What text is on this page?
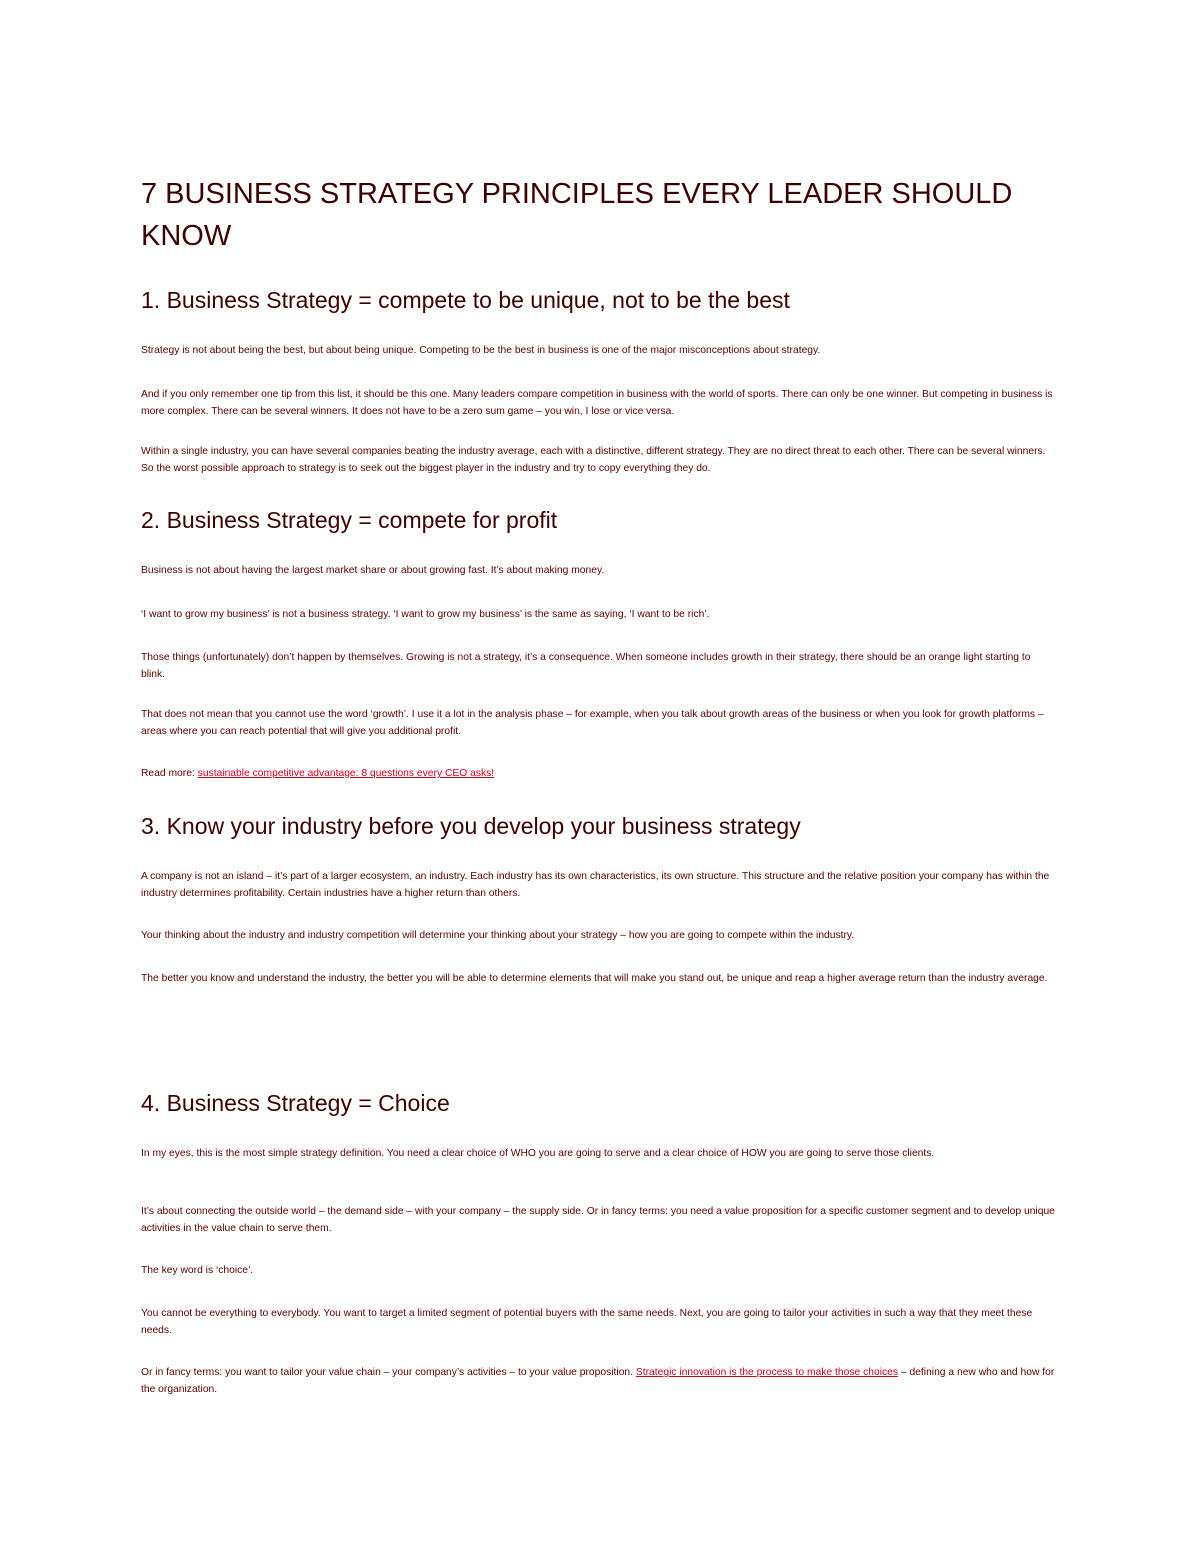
7 BUSINESS STRATEGY PRINCIPLES EVERY LEADER SHOULD KNOW
1. Business Strategy = compete to be unique, not to be the best

Strategy is not about being the best, but about being unique. Competing to be the best in business is one of the major misconceptions about strategy.

And if you only remember one tip from this list, it should be this one. Many leaders compare competition in business with the world of sports. There can only be one winner. But competing in business is more complex. There can be several winners. It does not have to be a zero sum game – you win, I lose or vice versa.

Within a single industry, you can have several companies beating the industry average, each with a distinctive, different strategy. They are no direct threat to each other. There can be several winners. So the worst possible approach to strategy is to seek out the biggest player in the industry and try to copy everything they do.

2. Business Strategy = compete for profit

Business is not about having the largest market share or about growing fast. It’s about making money.

‘I want to grow my business’ is not a business strategy. ‘I want to grow my business’ is the same as saying, ‘I want to be rich’.

Those things (unfortunately) don’t happen by themselves. Growing is not a strategy, it’s a consequence. When someone includes growth in their strategy, there should be an orange light starting to blink.

That does not mean that you cannot use the word ‘growth’. I use it a lot in the analysis phase – for example, when you talk about growth areas of the business or when you look for growth platforms – areas where you can reach potential that will give you additional profit.

Read more: sustainable competitive advantage: 8 questions every CEO asks!

3. Know your industry before you develop your business strategy

A company is not an island – it’s part of a larger ecosystem, an industry. Each industry has its own characteristics, its own structure. This structure and the relative position your company has within the industry determines profitability. Certain industries have a higher return than others.

Your thinking about the industry and industry competition will determine your thinking about your strategy – how you are going to compete within the industry.

The better you know and understand the industry, the better you will be able to determine elements that will make you stand out, be unique and reap a higher average return than the industry average.

4. Business Strategy = Choice

In my eyes, this is the most simple strategy definition. You need a clear choice of WHO you are going to serve and a clear choice of HOW you are going to serve those clients.

It’s about connecting the outside world – the demand side – with your company – the supply side. Or in fancy terms: you need a value proposition for a specific customer segment and to develop unique activities in the value chain to serve them.

The key word is ‘choice’.

You cannot be everything to everybody. You want to target a limited segment of potential buyers with the same needs. Next, you are going to tailor your activities in such a way that they meet these needs.

Or in fancy terms: you want to tailor your value chain – your company’s activities – to your value proposition. Strategic innovation is the process to make those choices – defining a new who and how for the organization.
